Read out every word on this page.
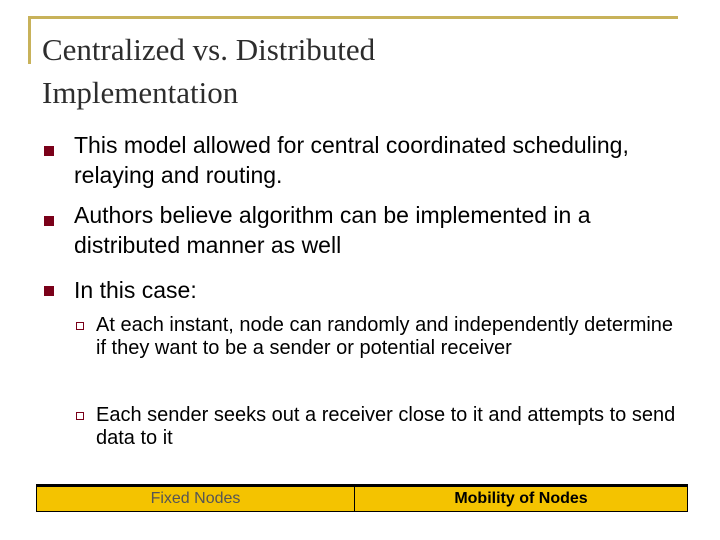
Centralized vs. Distributed
Implementation
This model allowed for central coordinated scheduling, relaying and routing.
Authors believe algorithm can be implemented in a distributed manner as well
In this case:
At each instant, node can randomly and independently determine if they want to be a sender or potential receiver
Each sender seeks out a receiver close to it and attempts to send data to it
Fixed Nodes	Mobility of Nodes
